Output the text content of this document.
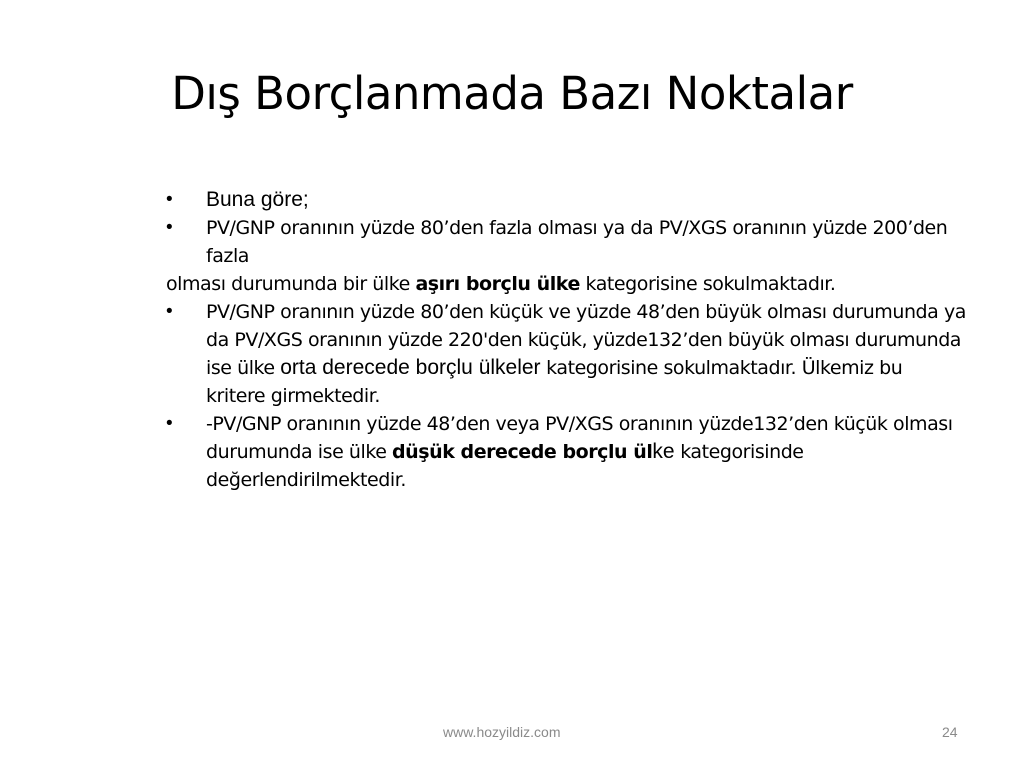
Dış Borçlanmada Bazı Noktalar
• Buna göre;
• PV/GNP oranının yüzde 80’den fazla olması ya da PV/XGS oranının yüzde 200’den fazla
olması durumunda bir ülke aşırı borçlu ülke kategorisine sokulmaktadır.
• PV/GNP oranının yüzde 80’den küçük ve yüzde 48’den büyük olması durumunda ya da PV/XGS oranının yüzde 220'den küçük, yüzde132’den büyük olması durumunda ise ülke orta derecede borçlu ülkeler kategorisine sokulmaktadır. Ülkemiz bu kritere girmektedir.
• -PV/GNP oranının yüzde 48’den veya PV/XGS oranının yüzde132’den küçük olması durumunda ise ülke düşük derecede borçlu ülke kategorisinde değerlendirilmektedir.
www.hozyildiz.com	24
